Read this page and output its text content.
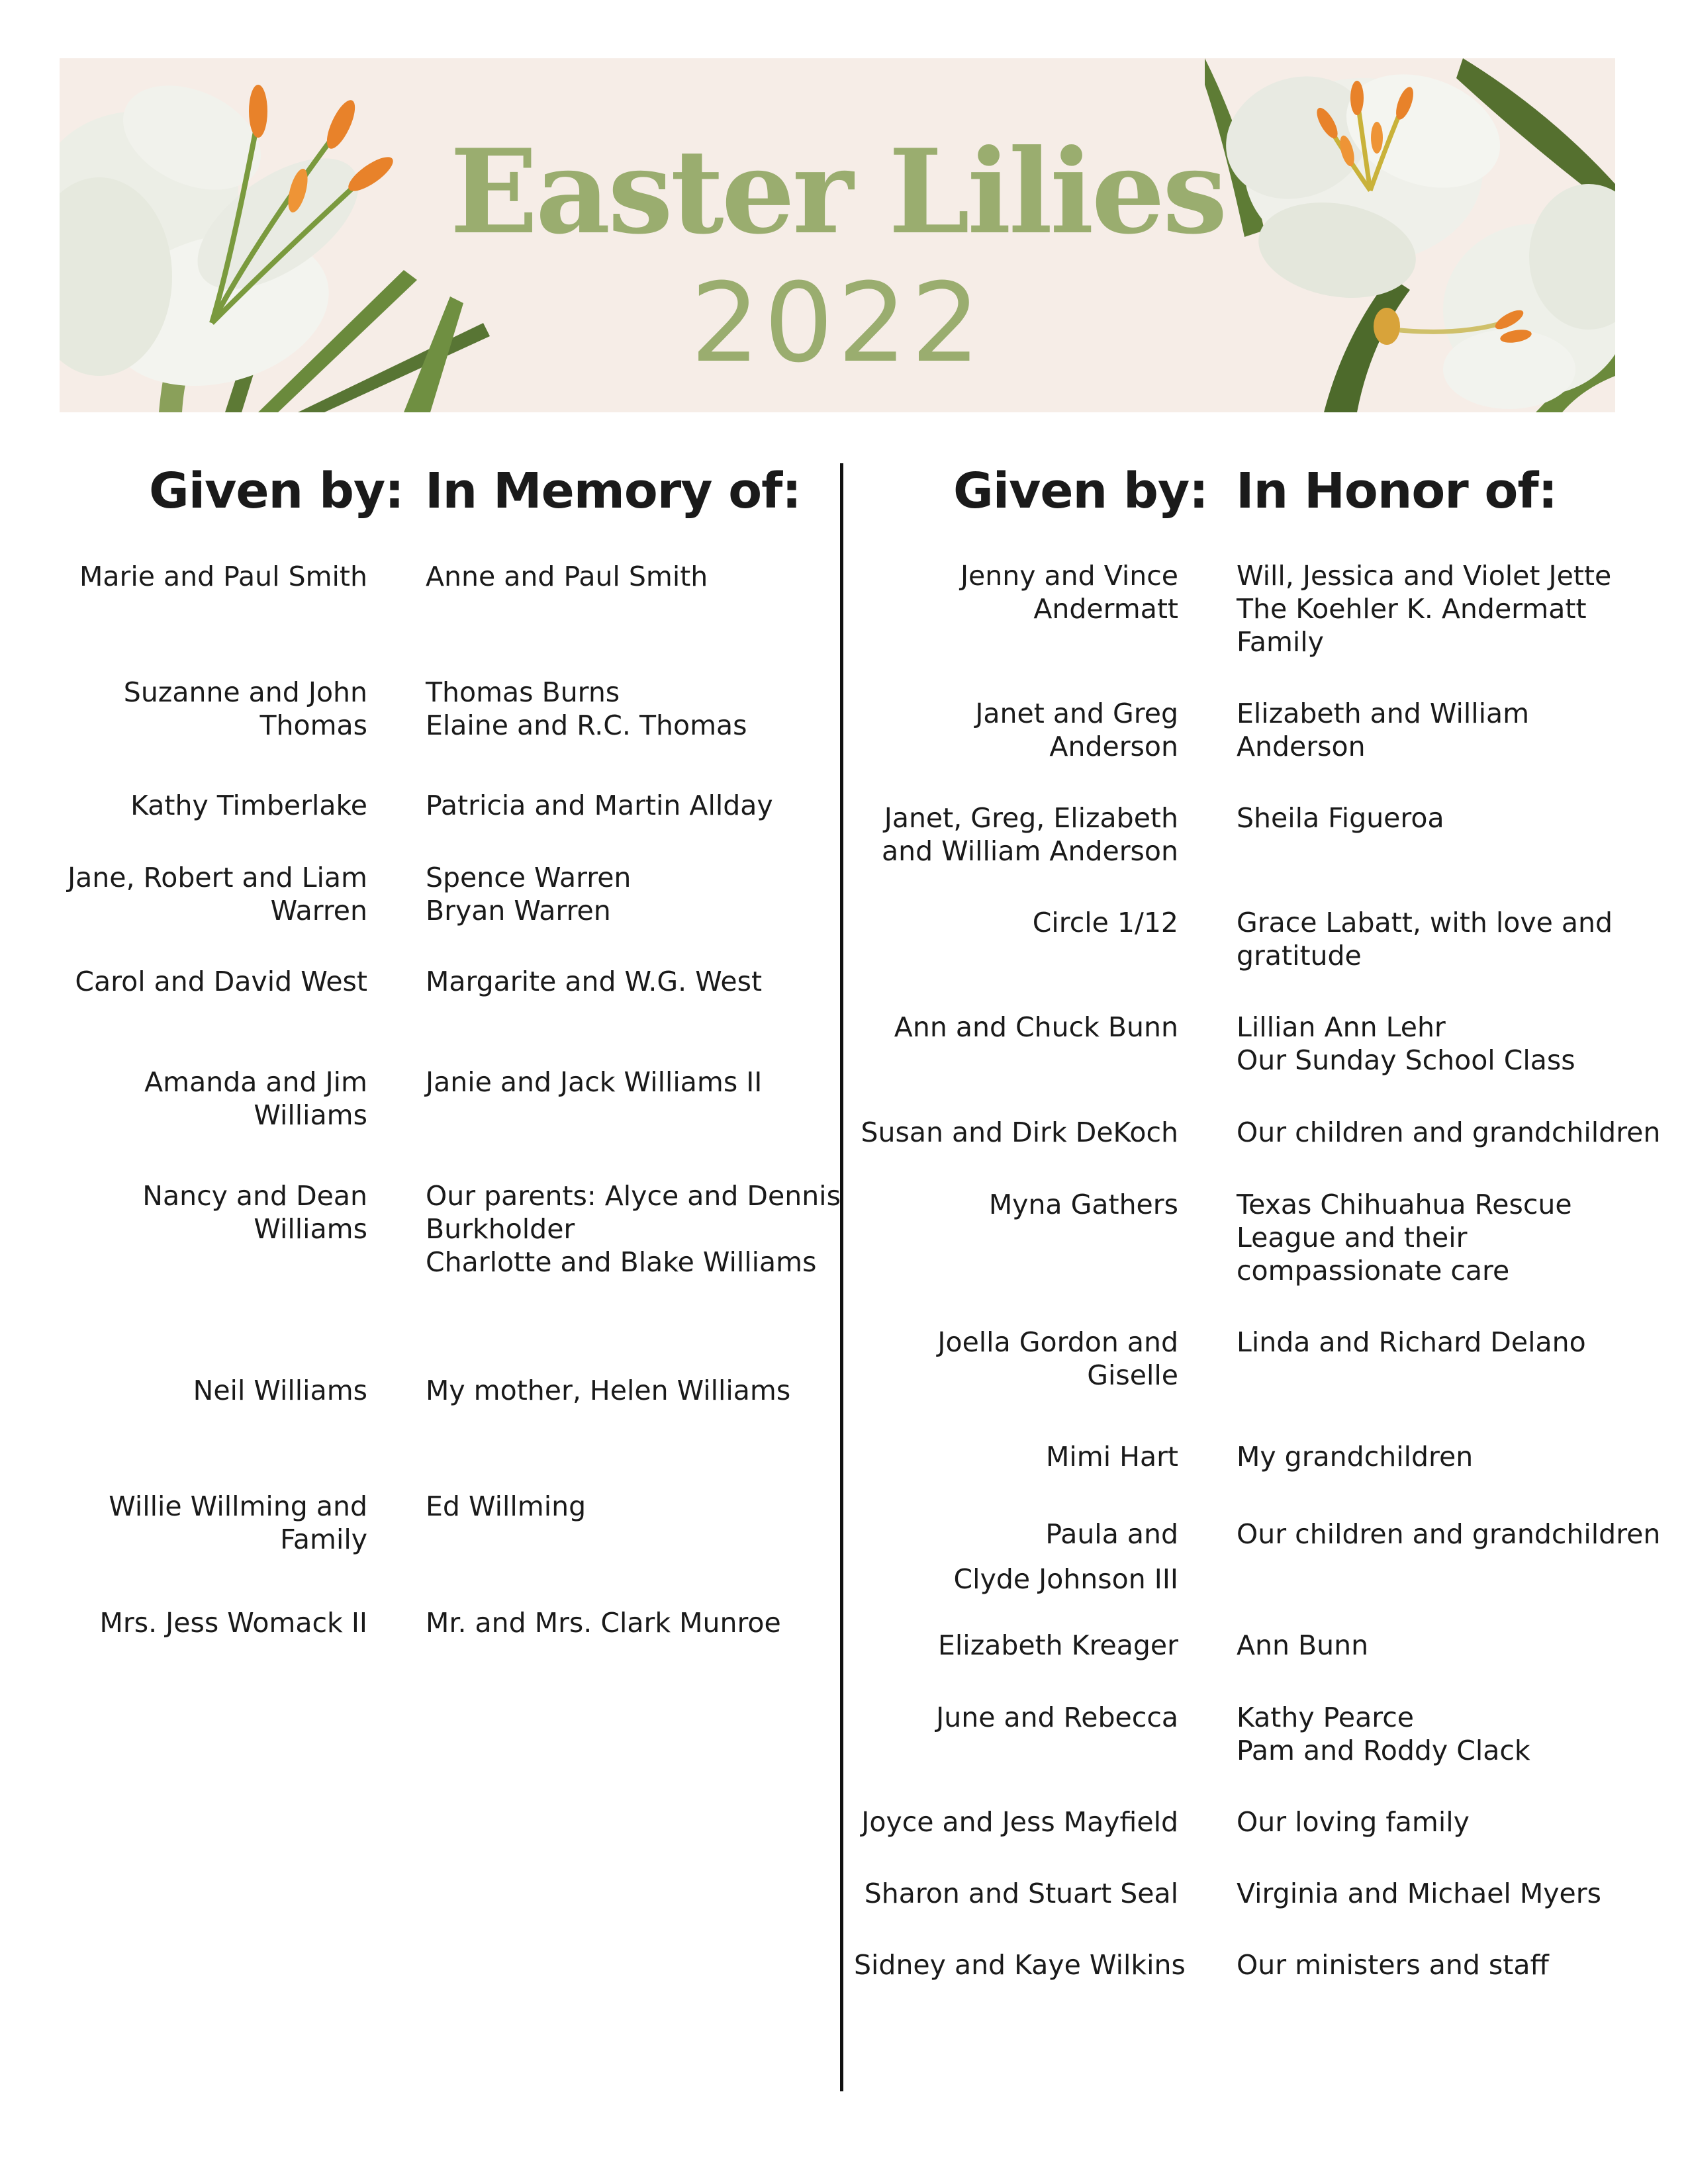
Easter Lilies
2022
Given by: In Memory of:	Given by: In Honor of:
Marie and Paul Smith Anne and Paul Smith
Suzanne and John
Thomas
Thomas Burns
Elaine and R.C. Thomas
Kathy Timberlake Patricia and Martin Allday
Jane, Robert and Liam
Warren
Spence Warren
Bryan Warren
Carol and David West Margarite and W.G. West
Amanda and Jim
Williams
Janie and Jack Williams II
Nancy and Dean
Williams
Our parents: Alyce and Dennis
Burkholder
Charlotte and Blake Williams
Neil Williams My mother, Helen Williams
Willie Willming and
Family
Ed Willming
Mrs. Jess Womack II Mr. and Mrs. Clark Munroe
Jenny and Vince
Andermatt
Will, Jessica and Violet Jette
The Koehler K. Andermatt
Family
Janet and Greg
Anderson
Elizabeth and William
Anderson
Janet, Greg, Elizabeth
and William Anderson
Sheila Figueroa
Circle 1/12 Grace Labatt, with love and
gratitude
Ann and Chuck Bunn Lillian Ann Lehr
Our Sunday School Class
Susan and Dirk DeKoch Our children and grandchildren
Myna Gathers Texas Chihuahua Rescue
League and their
compassionate care
Joella Gordon and
Giselle
Linda and Richard Delano
Mimi Hart My grandchildren
Paula and
Clyde Johnson III
Our children and grandchildren
Elizabeth Kreager Ann Bunn
June and Rebecca Kathy Pearce
Pam and Roddy Clack
Joyce and Jess Mayfield Our loving family
Sharon and Stuart Seal Virginia and Michael Myers
Sidney and Kaye Wilkins Our ministers and staff
